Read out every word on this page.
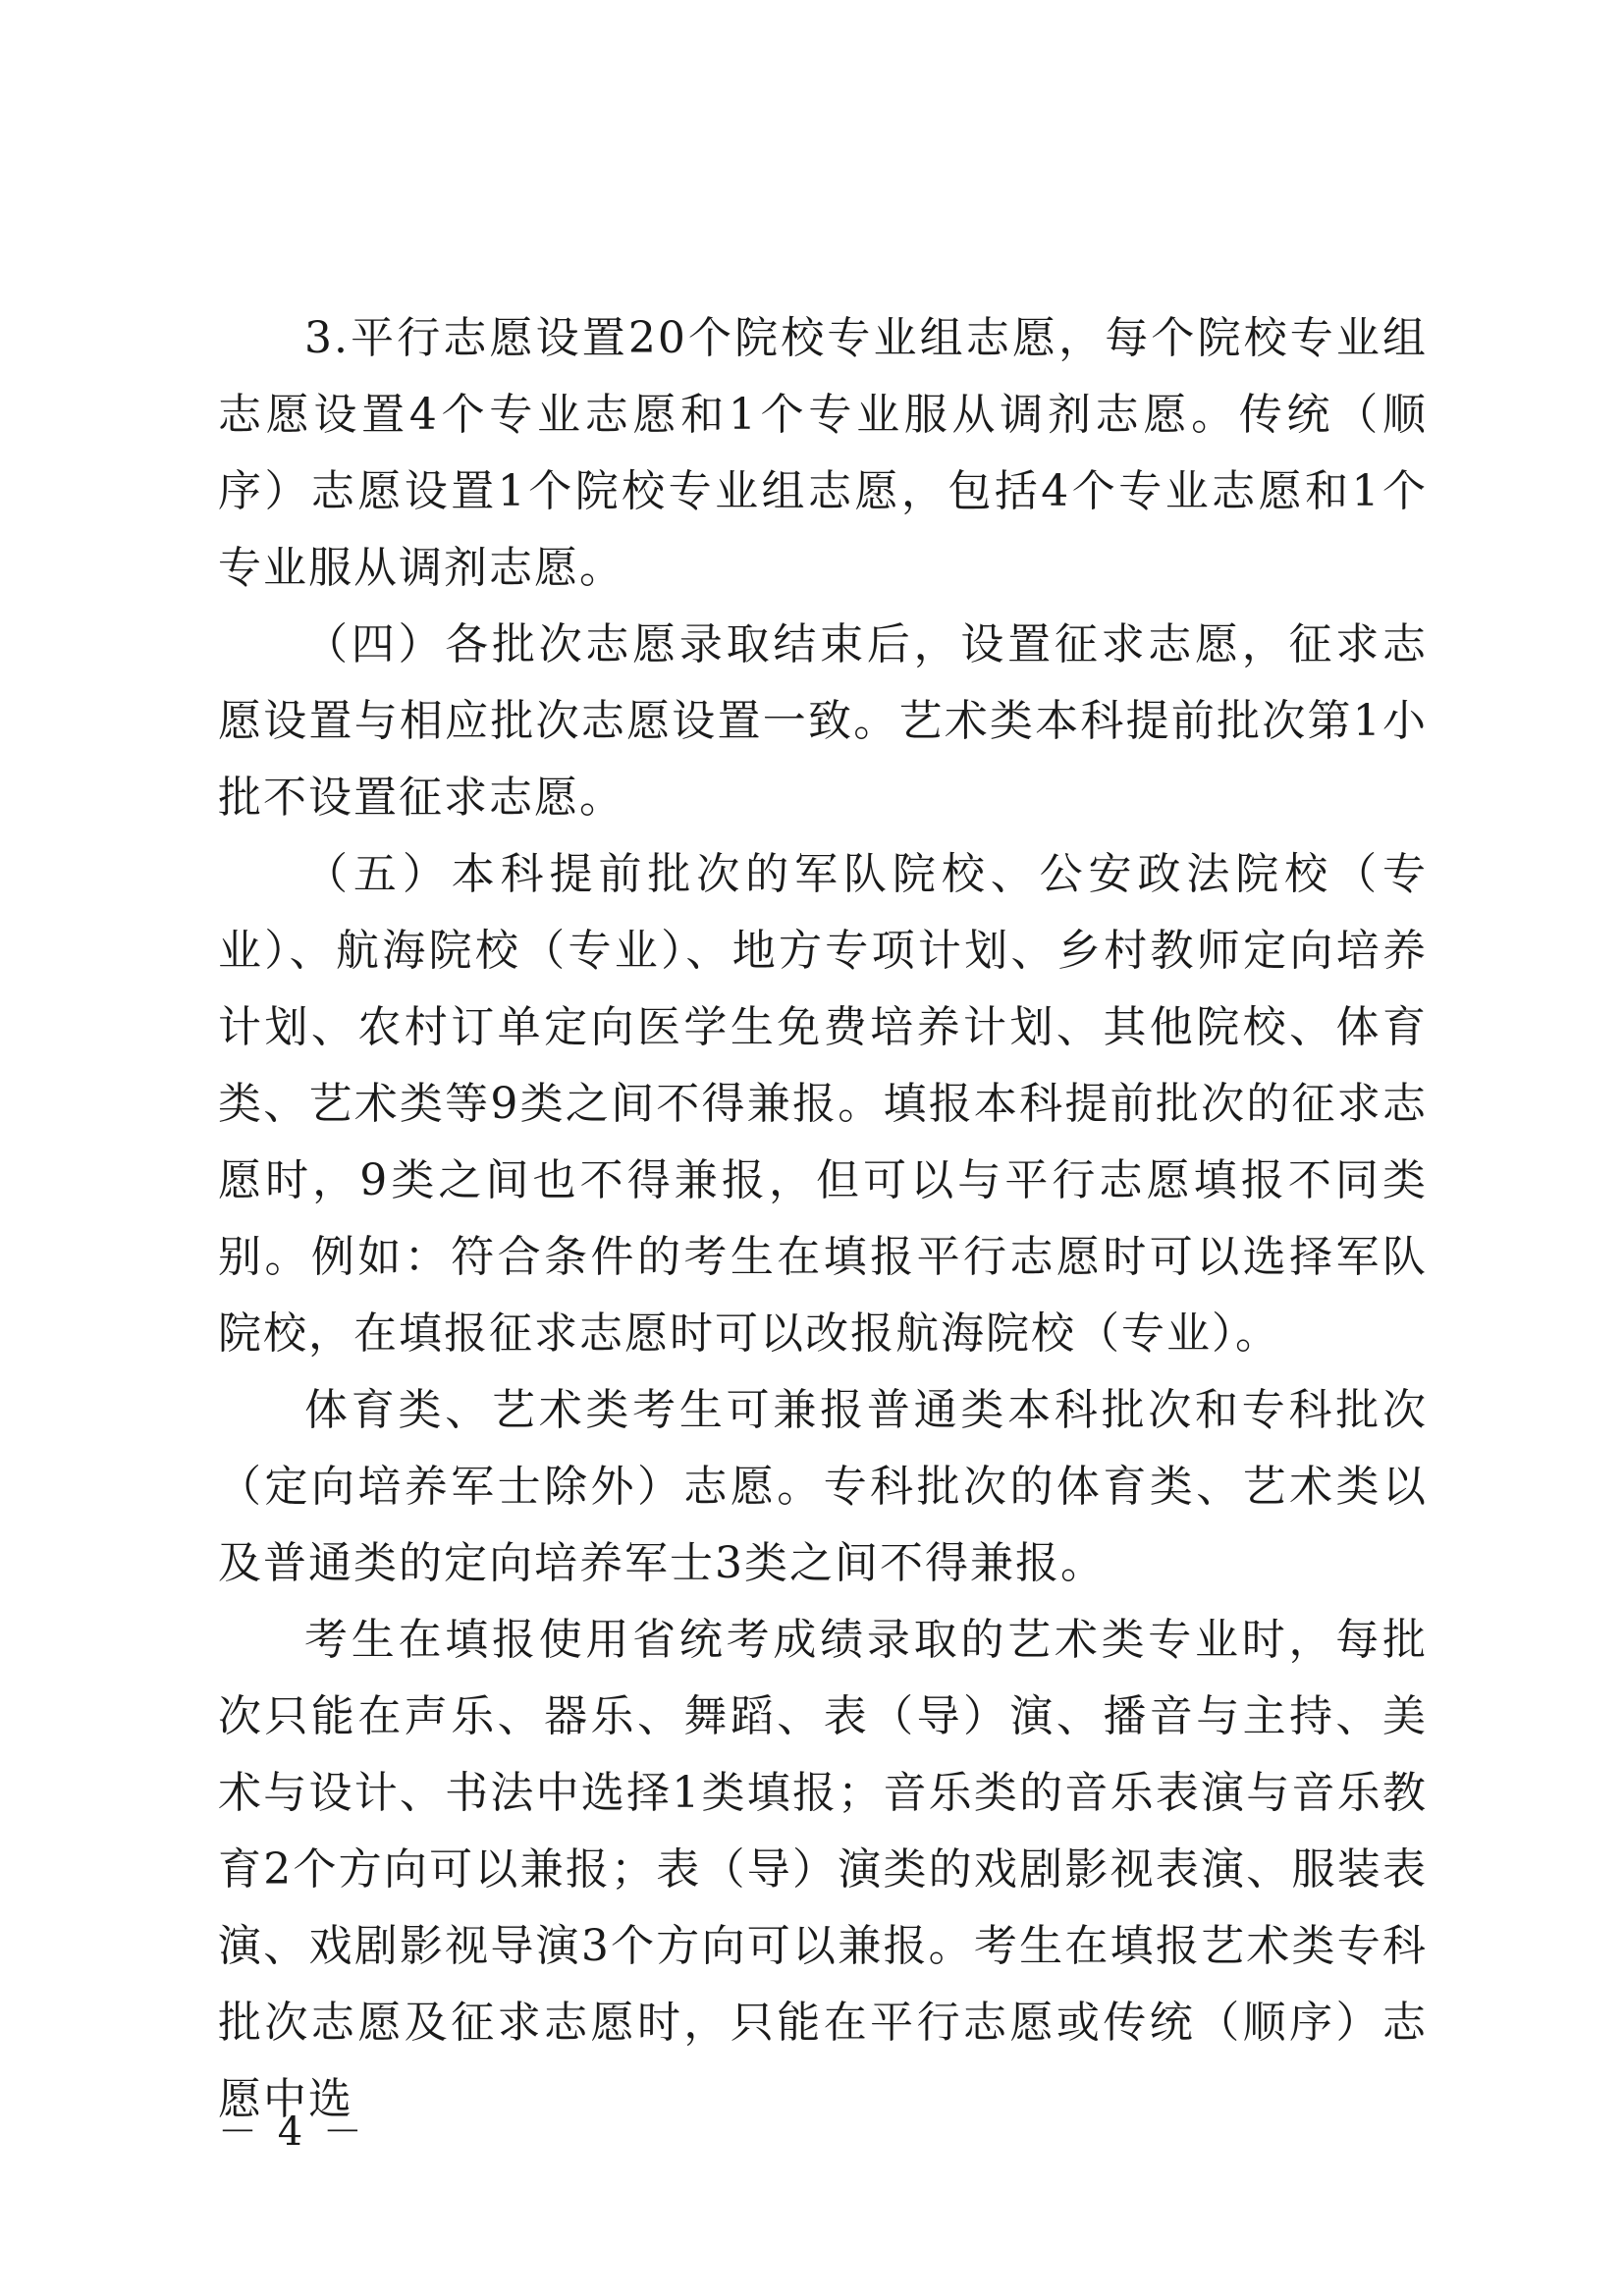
3.平行志愿设置20个院校专业组志愿，每个院校专业组志愿设置4个专业志愿和1个专业服从调剂志愿。传统（顺序）志愿设置1个院校专业组志愿，包括4个专业志愿和1个专业服从调剂志愿。

（四）各批次志愿录取结束后，设置征求志愿，征求志愿设置与相应批次志愿设置一致。艺术类本科提前批次第1小批不设置征求志愿。

（五）本科提前批次的军队院校、公安政法院校（专业）、航海院校（专业）、地方专项计划、乡村教师定向培养计划、农村订单定向医学生免费培养计划、其他院校、体育类、艺术类等9类之间不得兼报。填报本科提前批次的征求志愿时，9类之间也不得兼报，但可以与平行志愿填报不同类别。例如：符合条件的考生在填报平行志愿时可以选择军队院校，在填报征求志愿时可以改报航海院校（专业）。

体育类、艺术类考生可兼报普通类本科批次和专科批次（定向培养军士除外）志愿。专科批次的体育类、艺术类以及普通类的定向培养军士3类之间不得兼报。

考生在填报使用省统考成绩录取的艺术类专业时，每批次只能在声乐、器乐、舞蹈、表（导）演、播音与主持、美术与设计、书法中选择1类填报；音乐类的音乐表演与音乐教育2个方向可以兼报；表（导）演类的戏剧影视表演、服装表演、戏剧影视导演3个方向可以兼报。考生在填报艺术类专科批次志愿及征求志愿时，只能在平行志愿或传统（顺序）志愿中选

－ 4 －
